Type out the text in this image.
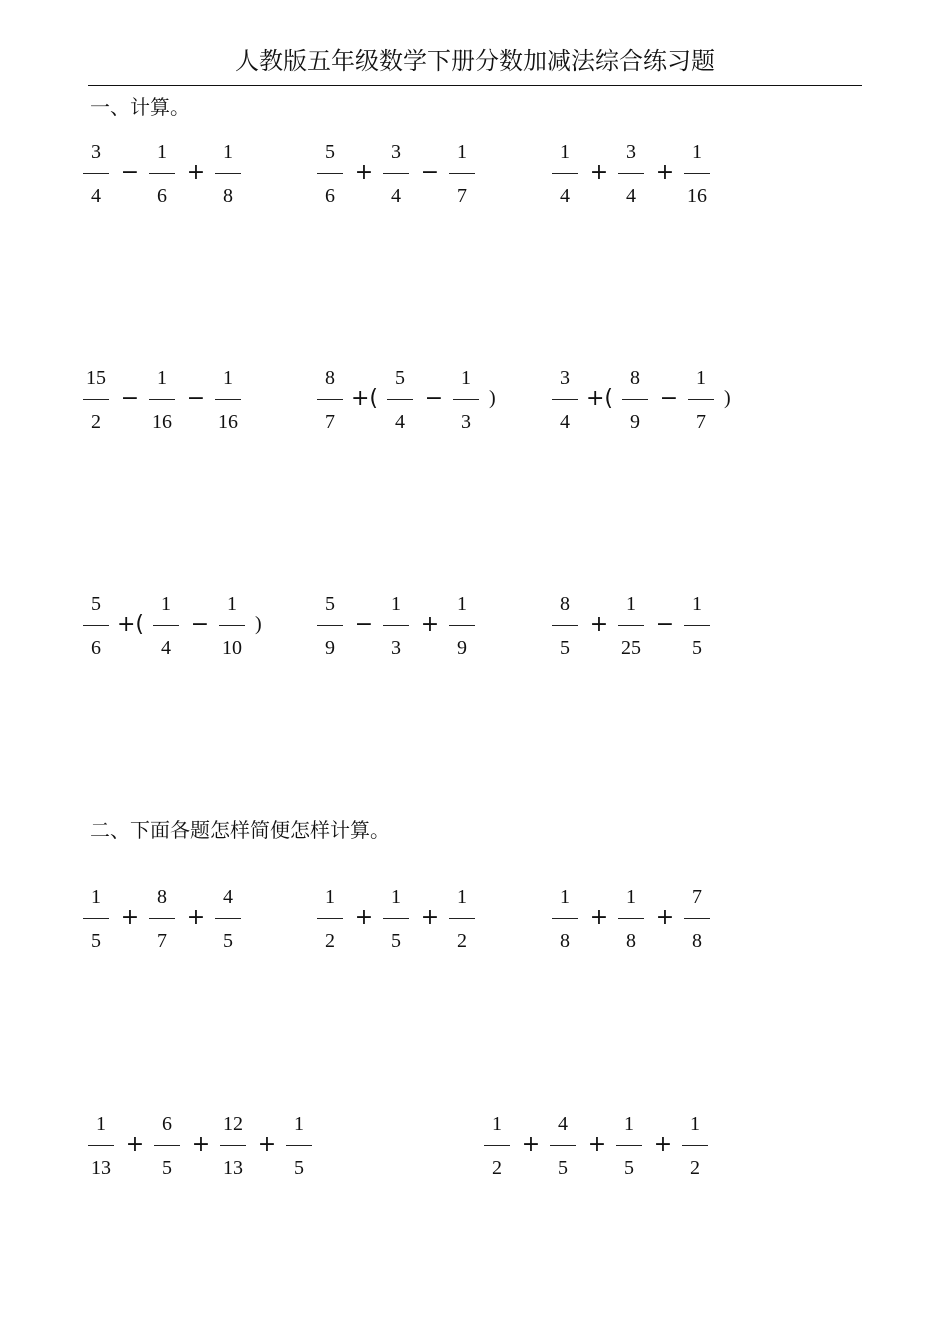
人教版五年级数学下册分数加减法综合练习题
一、计算。
二、下面各题怎样简便怎样计算。
3
4
−
1
6
+
1
8
5
6
+
3
4
−
1
7
1
4
+
3
4
+
1
16
15
2
−
1
16
−
1
16
8
7
+(
5
4
−
1
3
)
3
4
+(
8
9
−
1
7
)
5
6
+(
1
4
−
1
10
)
5
9
−
1
3
+
1
9
8
5
+
1
25
−
1
5
1
5
+
8
7
+
4
5
1
2
+
1
5
+
1
2
1
8
+
1
8
+
7
8
1
13
+
6
5
+
12
13
+
1
5
1
2
+
4
5
+
1
5
+
1
2
